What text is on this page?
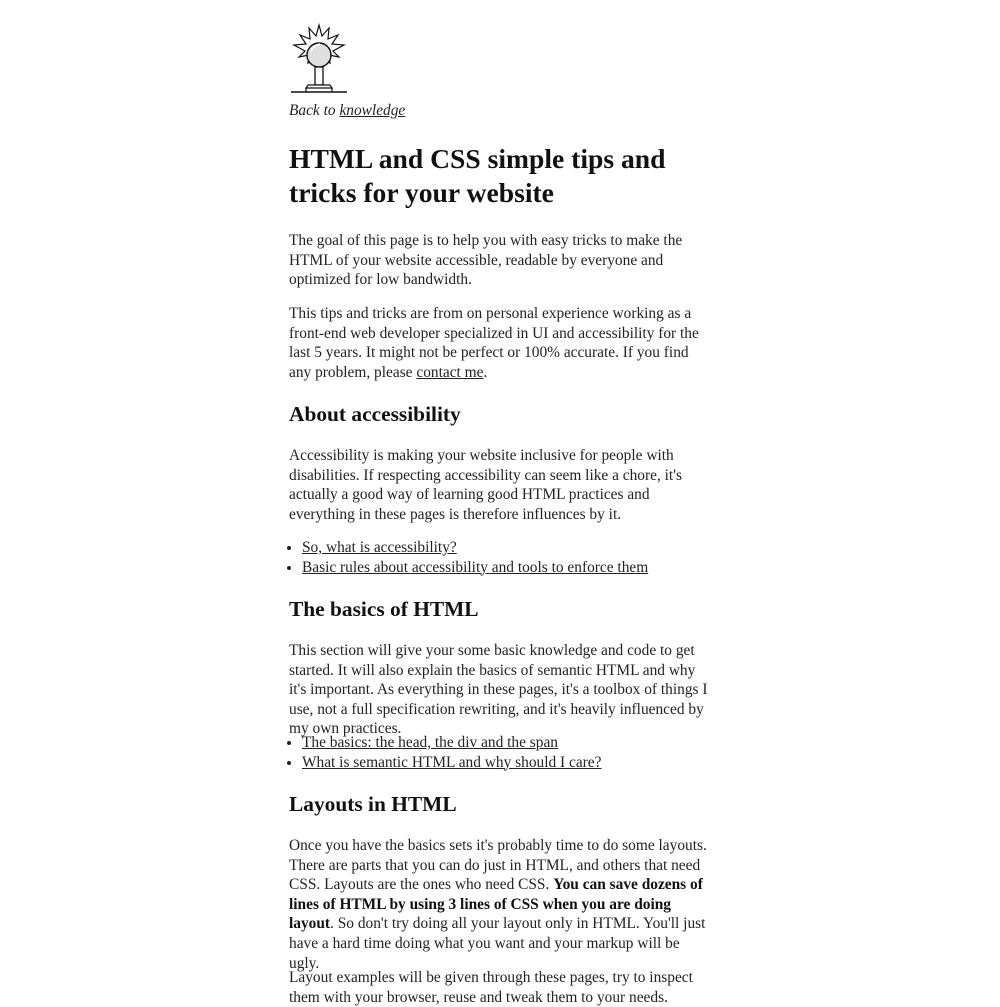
Back to knowledge
HTML and CSS simple tips and tricks for your website

The goal of this page is to help you with easy tricks to make the HTML of your website accessible, readable by everyone and optimized for low bandwidth.

This tips and tricks are from on personal experience working as a front-end web developer specialized in UI and accessibility for the last 5 years. It might not be perfect or 100% accurate. If you find any problem, please contact me.

About accessibility

Accessibility is making your website inclusive for people with disabilities. If respecting accessibility can seem like a chore, it's actually a good way of learning good HTML practices and everything in these pages is therefore influences by it.

• So, what is accessibility?
• Basic rules about accessibility and tools to enforce them
The basics of HTML

This section will give your some basic knowledge and code to get started. It will also explain the basics of semantic HTML and why it's important. As everything in these pages, it's a toolbox of things I use, not a full specification rewriting, and it's heavily influenced by my own practices.

• The basics: the head, the div and the span
• What is semantic HTML and why should I care?
Layouts in HTML

Once you have the basics sets it's probably time to do some layouts. There are parts that you can do just in HTML, and others that need CSS. Layouts are the ones who need CSS. You can save dozens of lines of HTML by using 3 lines of CSS when you are doing layout. So don't try doing all your layout only in HTML. You'll just have a hard time doing what you want and your markup will be ugly.

Layout examples will be given through these pages, try to inspect them with your browser, reuse and tweak them to your needs.
